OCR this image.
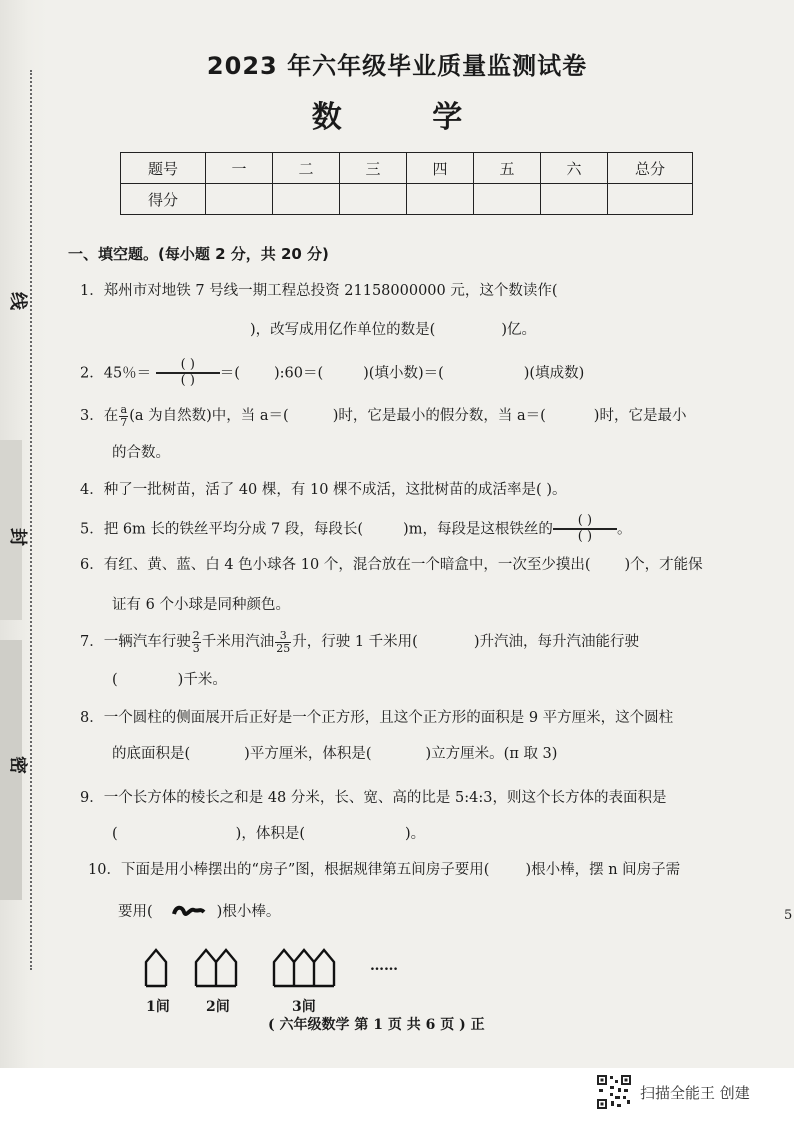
线
封
密
2023 年六年级毕业质量监测试卷
数 学
题号	一	二	三	四	五	六	总分
得分							
一、填空题。(每小题 2 分，共 20 分)
1．郑州市对地铁 7 号线一期工程总投资 21158000000 元，这个数读作(
)，改写成用亿作单位的数是(	)亿。
2．45％＝ $\frac{( )}{( )}=$( ):60＝(	)(填小数)＝(	)(填成数)
3．在 $\frac{a}{7} (a$ 为自然数)中，当 a＝(	)时，它是最小的假分数，当 a＝(	)时，它是最小
的合数。
4．种了一批树苗，活了 40 棵，有 10 棵不成活，这批树苗的成活率是( )。
5．把 6m 长的铁丝平均分成 7 段，每段长(	)m，每段是这根铁丝的 $\frac{( )}{( )}$。
6．有红、黄、蓝、白 4 色小球各 10 个，混合放在一个暗盒中，一次至少摸出( )个，才能保
证有 6 个小球是同种颜色。
7．一辆汽车行驶 $\frac{2}{3}$ 千米用汽油 $\frac{3}{25}$ 升，行驶 1 千米用(	)升汽油，每升汽油能行驶
(	)千米。
8．一个圆柱的侧面展开后正好是一个正方形，且这个正方形的面积是 9 平方厘米，这个圆柱
的底面积是(	)平方厘米，体积是(	)立方厘米。(π 取 3)
9．一个长方体的棱长之和是 48 分米，长、宽、高的比是 5:4:3，则这个长方体的表面积是
(	)，体积是(	)。
10．下面是用小棒摆出的“房子”图，根据规律第五间房子要用( )根小棒，摆 n 间房子需
要用(	)根小棒。
……
1间	2间	3间
( 六年级数学 第 1 页 共 6 页 ) 正
5
扫描全能王 创建
